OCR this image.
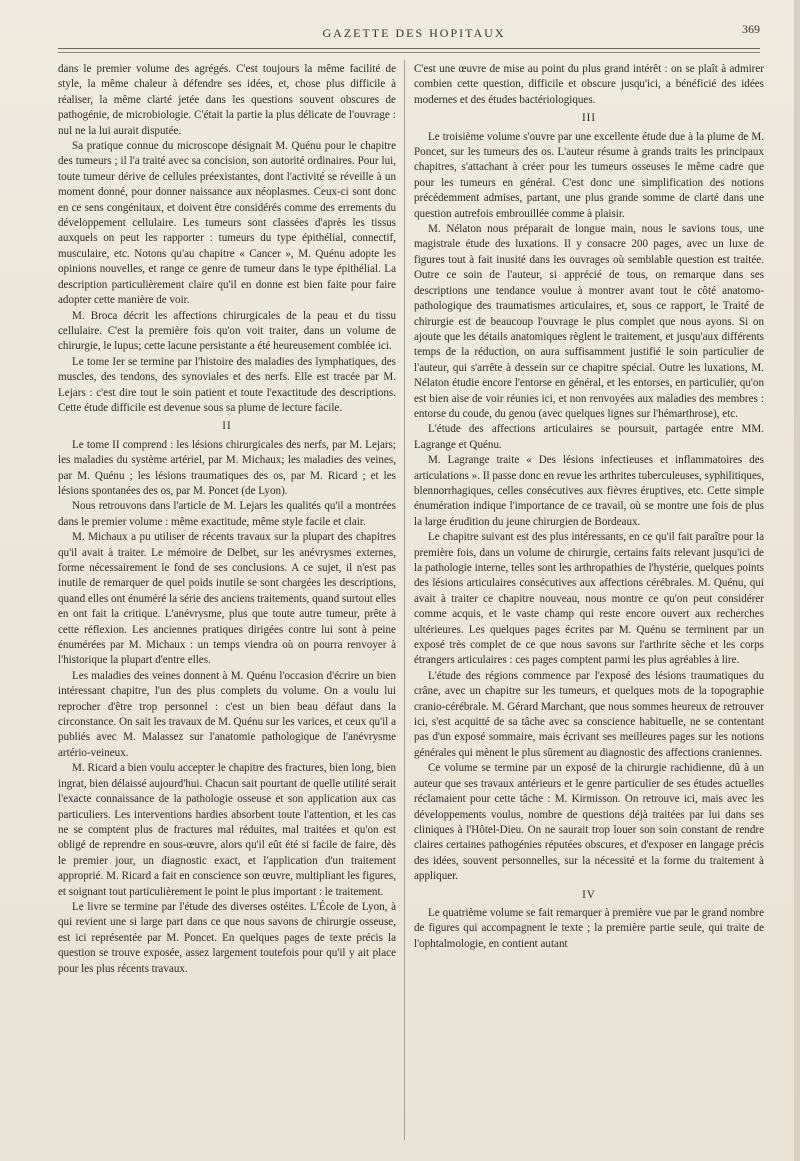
GAZETTE DES HOPITAUX	369

dans le premier volume des agrégés. C'est toujours la même facilité de style, la même chaleur à défendre ses idées, et, chose plus difficile à réaliser, la même clarté jetée dans les questions souvent obscures de pathogénie, de microbiologie. C'était la partie la plus délicate de l'ouvrage : nul ne la lui aurait disputée.

Sa pratique connue du microscope désignait M. Quénu pour le chapitre des tumeurs ; il l'a traité avec sa concision, son autorité ordinaires. Pour lui, toute tumeur dérive de cellules préexistantes, dont l'activité se réveille à un moment donné, pour donner naissance aux néoplasmes. Ceux-ci sont donc en ce sens congénitaux, et doivent être considérés comme des errements du développement cellulaire. Les tumeurs sont classées d'après les tissus auxquels on peut les rapporter : tumeurs du type épithélial, connectif, musculaire, etc. Notons qu'au chapitre « Cancer », M. Quénu adopte les opinions nouvelles, et range ce genre de tumeur dans le type épithélial. La description particulièrement claire qu'il en donne est bien faite pour faire adopter cette manière de voir.

M. Broca décrit les affections chirurgicales de la peau et du tissu cellulaire. C'est la première fois qu'on voit traiter, dans un volume de chirurgie, le lupus; cette lacune persistante a été heureusement comblée ici.

Le tome Ier se termine par l'histoire des maladies des lymphatiques, des muscles, des tendons, des synoviales et des nerfs. Elle est tracée par M. Lejars : c'est dire tout le soin patient et toute l'exactitude des descriptions. Cette étude difficile est devenue sous sa plume de lecture facile.

II

Le tome II comprend : les lésions chirurgicales des nerfs, par M. Lejars; les maladies du système artériel, par M. Michaux; les maladies des veines, par M. Quénu ; les lésions traumatiques des os, par M. Ricard ; et les lésions spontanées des os, par M. Poncet (de Lyon).

Nous retrouvons dans l'article de M. Lejars les qualités qu'il a montrées dans le premier volume : même exactitude, même style facile et clair.

M. Michaux a pu utiliser de récents travaux sur la plupart des chapitres qu'il avait à traiter. Le mémoire de Delbet, sur les anévrysmes externes, forme nécessairement le fond de ses conclusions. A ce sujet, il n'est pas inutile de remarquer de quel poids inutile se sont chargées les descriptions, quand elles ont énuméré la série des anciens traitements, quand surtout elles en ont fait la critique. L'anévrysme, plus que toute autre tumeur, prête à cette réflexion. Les anciennes pratiques dirigées contre lui sont à peine énumérées par M. Michaux : un temps viendra où on pourra renvoyer à l'historique la plupart d'entre elles.

Les maladies des veines donnent à M. Quénu l'occasion d'écrire un bien intéressant chapitre, l'un des plus complets du volume. On a voulu lui reprocher d'être trop personnel : c'est un bien beau défaut dans la circonstance. On sait les travaux de M. Quénu sur les varices, et ceux qu'il a publiés avec M. Malassez sur l'anatomie pathologique de l'anévrysme artério-veineux.

M. Ricard a bien voulu accepter le chapitre des fractures, bien long, bien ingrat, bien délaissé aujourd'hui. Chacun sait pourtant de quelle utilité serait l'exacte connaissance de la pathologie osseuse et son application aux cas particuliers. Les interventions hardies absorbent toute l'attention, et les cas ne se comptent plus de fractures mal réduites, mal traitées et qu'on est obligé de reprendre en sous-œuvre, alors qu'il eût été si facile de faire, dès le premier jour, un diagnostic exact, et l'application d'un traitement approprié. M. Ricard a fait en conscience son œuvre, multipliant les figures, et soignant tout particulièrement le point le plus important : le traitement.

Le livre se termine par l'étude des diverses ostéites. L'École de Lyon, à qui revient une si large part dans ce que nous savons de chirurgie osseuse, est ici représentée par M. Poncet. En quelques pages de texte précis la question se trouve exposée, assez largement toutefois pour qu'il y ait place pour les plus récents travaux.

C'est une œuvre de mise au point du plus grand intérêt : on se plaît à admirer combien cette question, difficile et obscure jusqu'ici, a bénéficié des idées modernes et des études bactériologiques.

III

Le troisième volume s'ouvre par une excellente étude due à la plume de M. Poncet, sur les tumeurs des os. L'auteur résume à grands traits les principaux chapitres, s'attachant à créer pour les tumeurs osseuses le même cadre que pour les tumeurs en général. C'est donc une simplification des notions précédemment admises, partant, une plus grande somme de clarté dans une question autrefois embrouillée comme à plaisir.

M. Nélaton nous préparait de longue main, nous le savions tous, une magistrale étude des luxations. Il y consacre 200 pages, avec un luxe de figures tout à fait inusité dans les ouvrages où semblable question est traitée. Outre ce soin de l'auteur, si apprécié de tous, on remarque dans ses descriptions une tendance voulue à montrer avant tout le côté anatomo-pathologique des traumatismes articulaires, et, sous ce rapport, le Traité de chirurgie est de beaucoup l'ouvrage le plus complet que nous ayons. Si on ajoute que les détails anatomiques règlent le traitement, et jusqu'aux différents temps de la réduction, on aura suffisamment justifié le soin particulier de l'auteur, qui s'arrête à dessein sur ce chapitre spécial. Outre les luxations, M. Nélaton étudie encore l'entorse en général, et les entorses, en particulier, qu'on est bien aise de voir réunies ici, et non renvoyées aux maladies des membres : entorse du coude, du genou (avec quelques lignes sur l'hémarthrose), etc.

L'étude des affections articulaires se poursuit, partagée entre MM. Lagrange et Quénu.

M. Lagrange traite « Des lésions infectieuses et inflammatoires des articulations ». Il passe donc en revue les arthrites tuberculeuses, syphilitiques, blennorrhagiques, celles consécutives aux fièvres éruptives, etc. Cette simple énumération indique l'importance de ce travail, où se montre une fois de plus la large érudition du jeune chirurgien de Bordeaux.

Le chapitre suivant est des plus intéressants, en ce qu'il fait paraître pour la première fois, dans un volume de chirurgie, certains faits relevant jusqu'ici de la pathologie interne, telles sont les arthropathies de l'hystérie, quelques points des lésions articulaires consécutives aux affections cérébrales. M. Quénu, qui avait à traiter ce chapitre nouveau, nous montre ce qu'on peut considérer comme acquis, et le vaste champ qui reste encore ouvert aux recherches ultérieures. Les quelques pages écrites par M. Quénu se terminent par un exposé très complet de ce que nous savons sur l'arthrite sèche et les corps étrangers articulaires : ces pages comptent parmi les plus agréables à lire.

L'étude des régions commence par l'exposé des lésions traumatiques du crâne, avec un chapitre sur les tumeurs, et quelques mots de la topographie cranio-cérébrale. M. Gérard Marchant, que nous sommes heureux de retrouver ici, s'est acquitté de sa tâche avec sa conscience habituelle, ne se contentant pas d'un exposé sommaire, mais écrivant ses meilleures pages sur les notions générales qui mènent le plus sûrement au diagnostic des affections craniennes.

Ce volume se termine par un exposé de la chirurgie rachidienne, dû à un auteur que ses travaux antérieurs et le genre particulier de ses études actuelles réclamaient pour cette tâche : M. Kirmisson. On retrouve ici, mais avec les développements voulus, nombre de questions déjà traitées par lui dans ses cliniques à l'Hôtel-Dieu. On ne saurait trop louer son soin constant de rendre claires certaines pathogénies réputées obscures, et d'exposer en langage précis des idées, souvent personnelles, sur la nécessité et la forme du traitement à appliquer.

IV

Le quatrième volume se fait remarquer à première vue par le grand nombre de figures qui accompagnent le texte ; la première partie seule, qui traite de l'ophtalmologie, en contient autant
